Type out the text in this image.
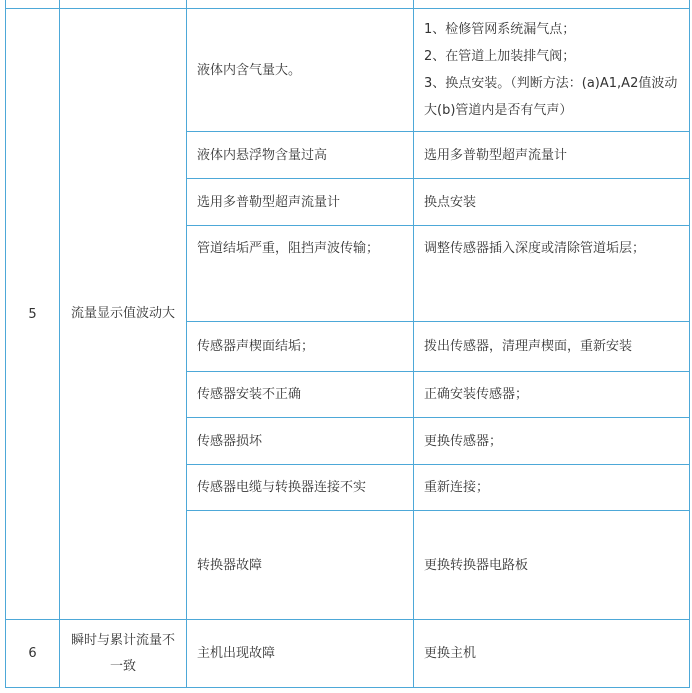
5	流量显示值波动大	液体内含气量大。	1、检修管网系统漏气点；
2、在管道上加装排气阀；
3、换点安装。（判断方法：(a)A1,A2值波动大(b)管道内是否有气声）

		液体内悬浮物含量过高	选用多普勒型超声流量计
		选用多普勒型超声流量计	换点安装
		管道结垢严重，阻挡声波传输；	调整传感器插入深度或清除管道垢层；
		传感器声楔面结垢；	拨出传感器，清理声楔面，重新安装
		传感器安装不正确	正确安装传感器；
		传感器损坏	更换传感器；
		传感器电缆与转换器连接不实	重新连接；
		转换器故障	更换转换器电路板
6	瞬时与累计流量不一致	主机出现故障	更换主机
